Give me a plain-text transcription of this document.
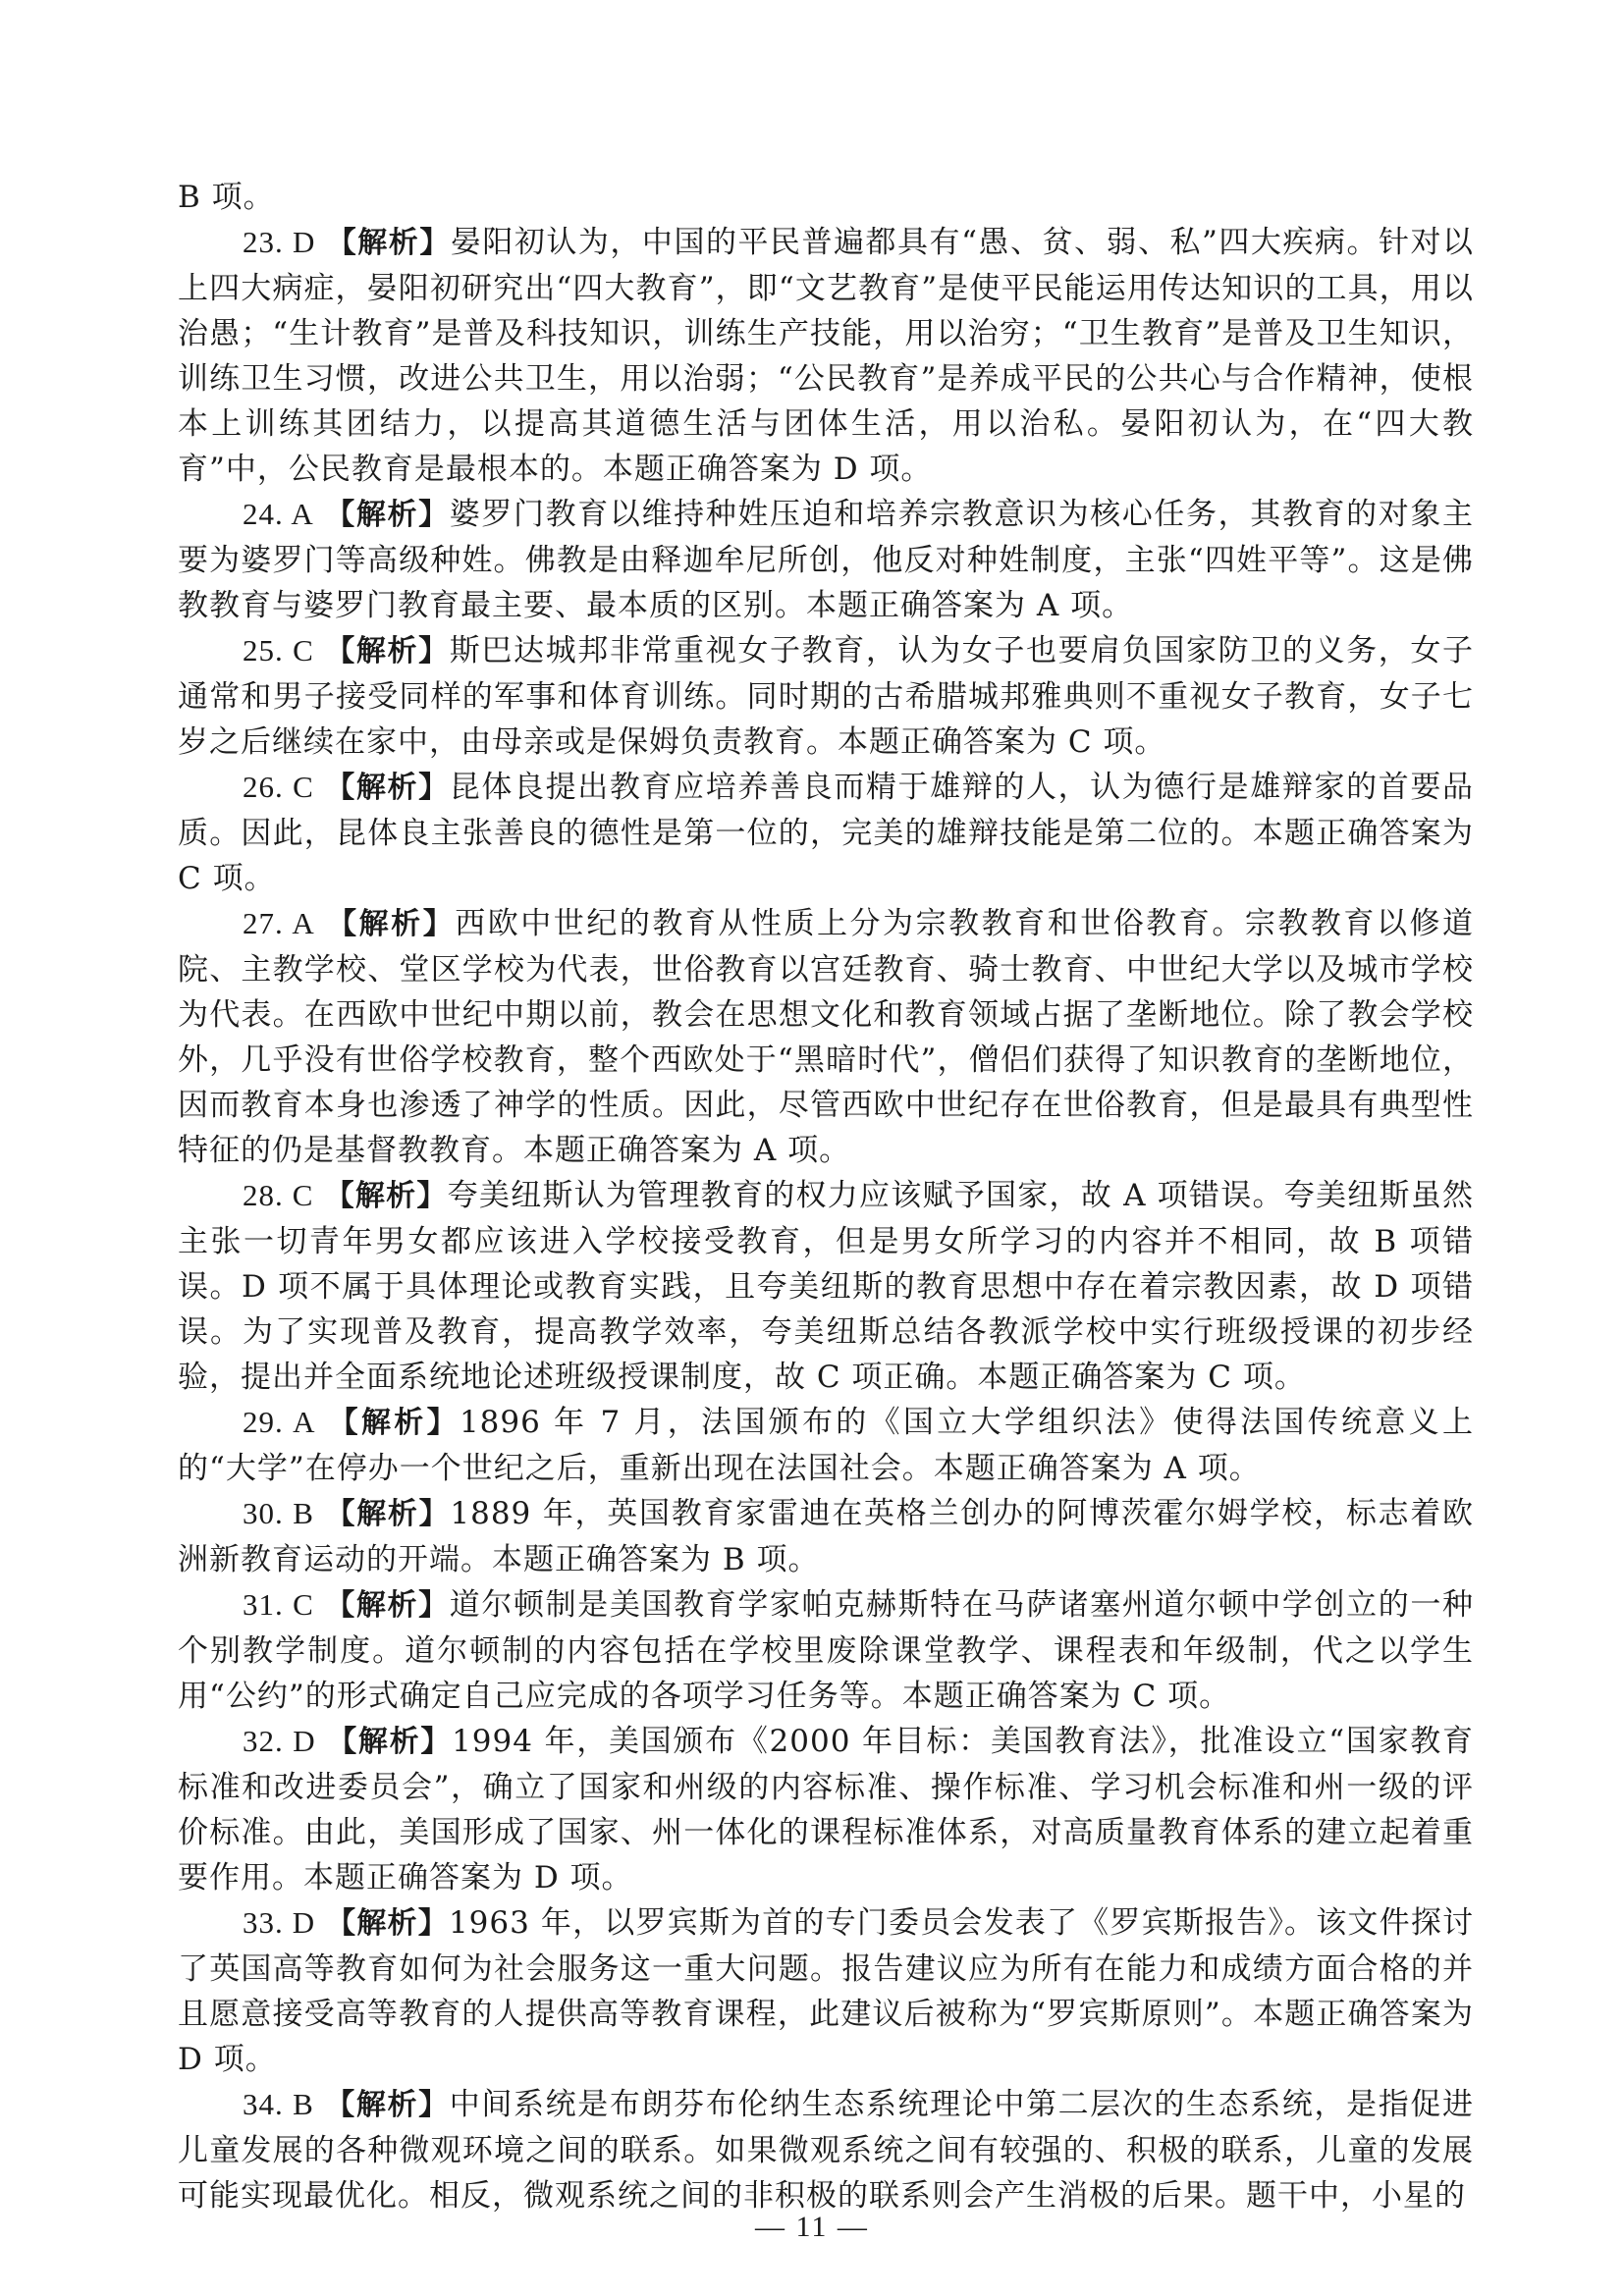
B 项。

23. D 【解析】晏阳初认为，中国的平民普遍都具有“愚、贫、弱、私”四大疾病。针对以上四大病症，晏阳初研究出“四大教育”，即“文艺教育”是使平民能运用传达知识的工具，用以治愚；“生计教育”是普及科技知识，训练生产技能，用以治穷；“卫生教育”是普及卫生知识，训练卫生习惯，改进公共卫生，用以治弱；“公民教育”是养成平民的公共心与合作精神，使根本上训练其团结力，以提高其道德生活与团体生活，用以治私。晏阳初认为，在“四大教育”中，公民教育是最根本的。本题正确答案为 D 项。

24. A 【解析】婆罗门教育以维持种姓压迫和培养宗教意识为核心任务，其教育的对象主要为婆罗门等高级种姓。佛教是由释迦牟尼所创，他反对种姓制度，主张“四姓平等”。这是佛教教育与婆罗门教育最主要、最本质的区别。本题正确答案为 A 项。

25. C 【解析】斯巴达城邦非常重视女子教育，认为女子也要肩负国家防卫的义务，女子通常和男子接受同样的军事和体育训练。同时期的古希腊城邦雅典则不重视女子教育，女子七岁之后继续在家中，由母亲或是保姆负责教育。本题正确答案为 C 项。

26. C 【解析】昆体良提出教育应培养善良而精于雄辩的人，认为德行是雄辩家的首要品质。因此，昆体良主张善良的德性是第一位的，完美的雄辩技能是第二位的。本题正确答案为 C 项。

27. A 【解析】西欧中世纪的教育从性质上分为宗教教育和世俗教育。宗教教育以修道院、主教学校、堂区学校为代表，世俗教育以宫廷教育、骑士教育、中世纪大学以及城市学校为代表。在西欧中世纪中期以前，教会在思想文化和教育领域占据了垄断地位。除了教会学校外，几乎没有世俗学校教育，整个西欧处于“黑暗时代”，僧侣们获得了知识教育的垄断地位，因而教育本身也渗透了神学的性质。因此，尽管西欧中世纪存在世俗教育，但是最具有典型性特征的仍是基督教教育。本题正确答案为 A 项。

28. C 【解析】夸美纽斯认为管理教育的权力应该赋予国家，故 A 项错误。夸美纽斯虽然主张一切青年男女都应该进入学校接受教育，但是男女所学习的内容并不相同，故 B 项错误。D 项不属于具体理论或教育实践，且夸美纽斯的教育思想中存在着宗教因素，故 D 项错误。为了实现普及教育，提高教学效率，夸美纽斯总结各教派学校中实行班级授课的初步经验，提出并全面系统地论述班级授课制度，故 C 项正确。本题正确答案为 C 项。

29. A 【解析】1896 年 7 月，法国颁布的《国立大学组织法》使得法国传统意义上的“大学”在停办一个世纪之后，重新出现在法国社会。本题正确答案为 A 项。

30. B 【解析】1889 年，英国教育家雷迪在英格兰创办的阿博茨霍尔姆学校，标志着欧洲新教育运动的开端。本题正确答案为 B 项。

31. C 【解析】道尔顿制是美国教育学家帕克赫斯特在马萨诸塞州道尔顿中学创立的一种个别教学制度。道尔顿制的内容包括在学校里废除课堂教学、课程表和年级制，代之以学生用“公约”的形式确定自己应完成的各项学习任务等。本题正确答案为 C 项。

32. D 【解析】1994 年，美国颁布《2000 年目标：美国教育法》，批准设立“国家教育标准和改进委员会”，确立了国家和州级的内容标准、操作标准、学习机会标准和州一级的评价标准。由此，美国形成了国家、州一体化的课程标准体系，对高质量教育体系的建立起着重要作用。本题正确答案为 D 项。

33. D 【解析】1963 年，以罗宾斯为首的专门委员会发表了《罗宾斯报告》。该文件探讨了英国高等教育如何为社会服务这一重大问题。报告建议应为所有在能力和成绩方面合格的并且愿意接受高等教育的人提供高等教育课程，此建议后被称为“罗宾斯原则”。本题正确答案为 D 项。

34. B 【解析】中间系统是布朗芬布伦纳生态系统理论中第二层次的生态系统，是指促进儿童发展的各种微观环境之间的联系。如果微观系统之间有较强的、积极的联系，儿童的发展可能实现最优化。相反，微观系统之间的非积极的联系则会产生消极的后果。题干中，小星的

— 11 —
